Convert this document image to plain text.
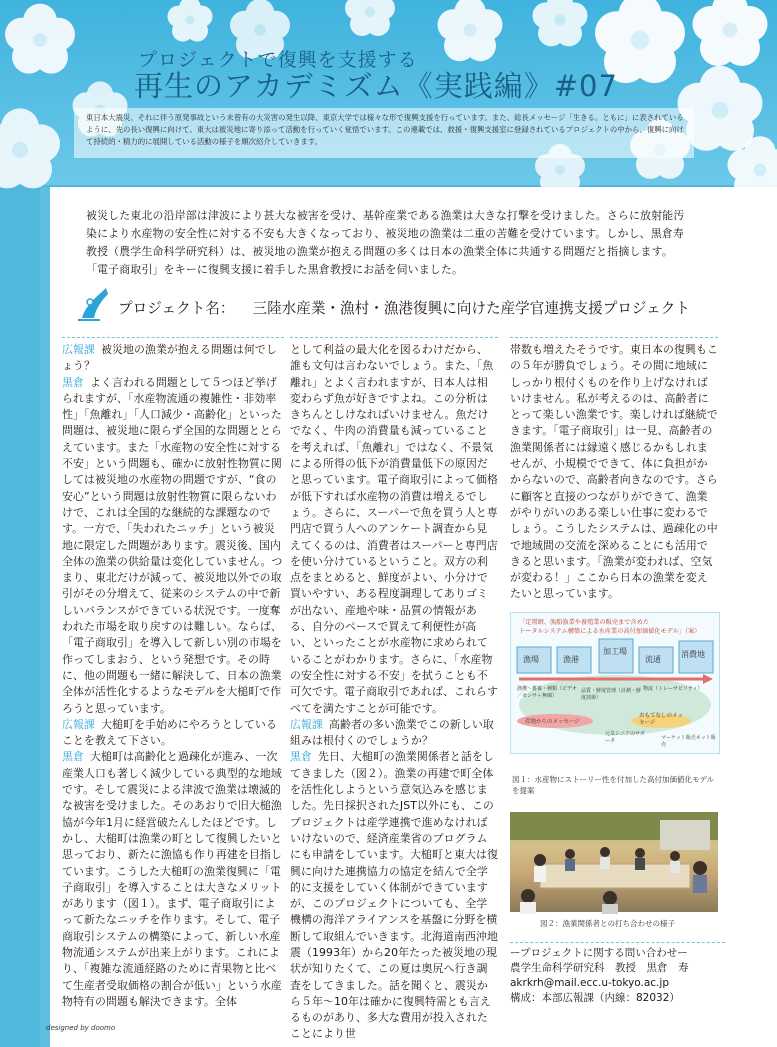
プロジェクトで復興を支援する
再生のアカデミズム《実践編》#07
東日本大震災、それに伴う原発事故という未曾有の大災害の発生以降、東京大学では様々な形で復興支援を行っています。また、総長メッセージ「生きる。ともに」に表されているように、先の長い復興に向けて、東大は被災地に寄り添って活動を行っていく覚悟でいます。この連載では、救援・復興支援室に登録されているプロジェクトの中から、復興に向けて持続的・精力的に展開している活動の様子を順次紹介していきます。
被災した東北の沿岸部は津波により甚大な被害を受け、基幹産業である漁業は大きな打撃を受けました。さらに放射能汚染により水産物の安全性に対する不安も大きくなっており、被災地の漁業は二重の苦難を受けています。しかし、黒倉寿教授（農学生命科学研究科）は、被災地の漁業が抱える問題の多くは日本の漁業全体に共通する問題だと指摘します。「電子商取引」をキーに復興支援に着手した黒倉教授にお話を伺いました。
プロジェクト名： 三陸水産業・漁村・漁港復興に向けた産学官連携支援プロジェクト

広報課 被災地の漁業が抱える問題は何でしょう？

黒倉 よく言われる問題として５つほど挙げられますが、「水産物流通の複雑性・非効率性」「魚離れ」「人口減少・高齢化」といった問題は、被災地に限らず全国的な問題ととらえています。また「水産物の安全性に対する不安」という問題も、確かに放射性物質に関しては被災地の水産物の問題ですが、“食の安心”という問題は放射性物質に限らないわけで、これは全国的な継続的な課題なのです。一方で、「失われたニッチ」という被災地に限定した問題があります。震災後、国内全体の漁業の供給量は変化していません。つまり、東北だけが減って、被災地以外での取引がその分増えて、従来のシステムの中で新しいバランスができている状況です。一度奪われた市場を取り戻すのは難しい。ならば、「電子商取引」を導入して新しい別の市場を作ってしまおう、という発想です。その時に、他の問題も一緒に解決して、日本の漁業全体が活性化するようなモデルを大槌町で作ろうと思っています。

広報課 大槌町を手始めにやろうとしていることを教えて下さい。

黒倉 大槌町は高齢化と過疎化が進み、一次産業人口も著しく減少している典型的な地域です。そして震災による津波で漁業は壊滅的な被害を受けました。そのあおりで旧大槌漁協が今年1月に経営破たんしたほどです。しかし、大槌町は漁業の町として復興したいと思っており、新たに漁協も作り再建を目指しています。こうした大槌町の漁業復興に「電子商取引」を導入することは大きなメリットがあります（図１）。まず、電子商取引によって新たなニッチを作ります。そして、電子商取引システムの構築によって、新しい水産物流通システムが出来上がります。これにより、「複雑な流通経路のために青果物と比べて生産者受取価格の割合が低い」という水産物特有の問題も解決できます。全体

として利益の最大化を図るわけだから、誰も文句は言わないでしょう。また、「魚離れ」とよく言われますが、日本人は相変わらず魚が好きですよね。この分析はきちんとしけなればいけません。魚だけでなく、牛肉の消費量も減っていることを考えれば、「魚離れ」ではなく、不景気による所得の低下が消費量低下の原因だと思っています。電子商取引によって価格が低下すれば水産物の消費は増えるでしょう。さらに、スーパーで魚を買う人と専門店で買う人へのアンケート調査から見えてくるのは、消費者はスーパーと専門店を使い分けているということ。双方の利点をまとめると、鮮度がよい、小分けで買いやすい、ある程度調理してありゴミが出ない、産地や味・品質の情報がある、自分のペースで買えて利便性が高い、といったことが水産物に求められていることがわかります。さらに、「水産物の安全性に対する不安」を拭うことも不可欠です。電子商取引であれば、これらすべてを満たすことが可能です。

広報課 高齢者の多い漁業でこの新しい取組みは根付くのでしょうか？

黒倉 先日、大槌町の漁業関係者と話をしてきました（図２）。漁業の再建で町全体を活性化しようという意気込みを感じました。先日採択されたJST以外にも、このプロジェクトは産学連携で進めなければいけないので、経済産業省のプログラムにも申請をしています。大槌町と東大は復興に向けた連携協力の協定を結んで全学的に支援をしていく体制ができていますが、このプロジェクトについても、全学機構の海洋アライアンスを基盤に分野を横断して取組んでいきます。北海道南西沖地震（1993年）から20年たった被災地の現状が知りたくて、この夏は奥尻へ行き調査をしてきました。話を聞くと、震災から５年〜10年は確かに復興特需とも言えるものがあり、多大な費用が投入されたことにより世

帯数も増えたそうです。東日本の復興もこの５年が勝負でしょう。その間に地域にしっかり根付くものを作り上げなければいけません。私が考えるのは、高齢者にとって楽しい漁業です。楽しければ継続できます。「電子商取引」は一見、高齢者の漁業関係者には縁遠く感じるかもしれませんが、小規模でできて、体に負担がかからないので、高齢者向きなのです。さらに顧客と直接のつながりができて、漁業がやりがいのある楽しい仕事に変わるでしょう。こうしたシステムは、過疎化の中で地域間の交流を深めることにも活用できると思います。「漁業が変われば、空気が変わる！」ここから日本の漁業を変えたいと思っています。

「定置網、漁船漁業や養殖業の販売まで含めた
トータルシステム構築による水産業の高付加価値化モデル」（案）
漁場	漁港
加工場
流通
消費地
漁獲〜蓄養・種類（ビデオ／センサ＋無線）
品質・鮮度管理（計測・鮮度技術）
物流（トレーサビリティ）
産地からのメッセージ
おもてなしのメッセージ
元気シニアのサポータ	マーケット販売ネット販売
図１：水産物にストーリー性を付加した高付加価値化モデルを提案
図２：漁業関係者との打ち合わせの様子
ープロジェクトに関する問い合わせー
農学生命科学研究科　教授　黒倉　寿
akrkrh@mail.ecc.u-tokyo.ac.jp
構成：本部広報課（内線：82032）
designed by doomo
